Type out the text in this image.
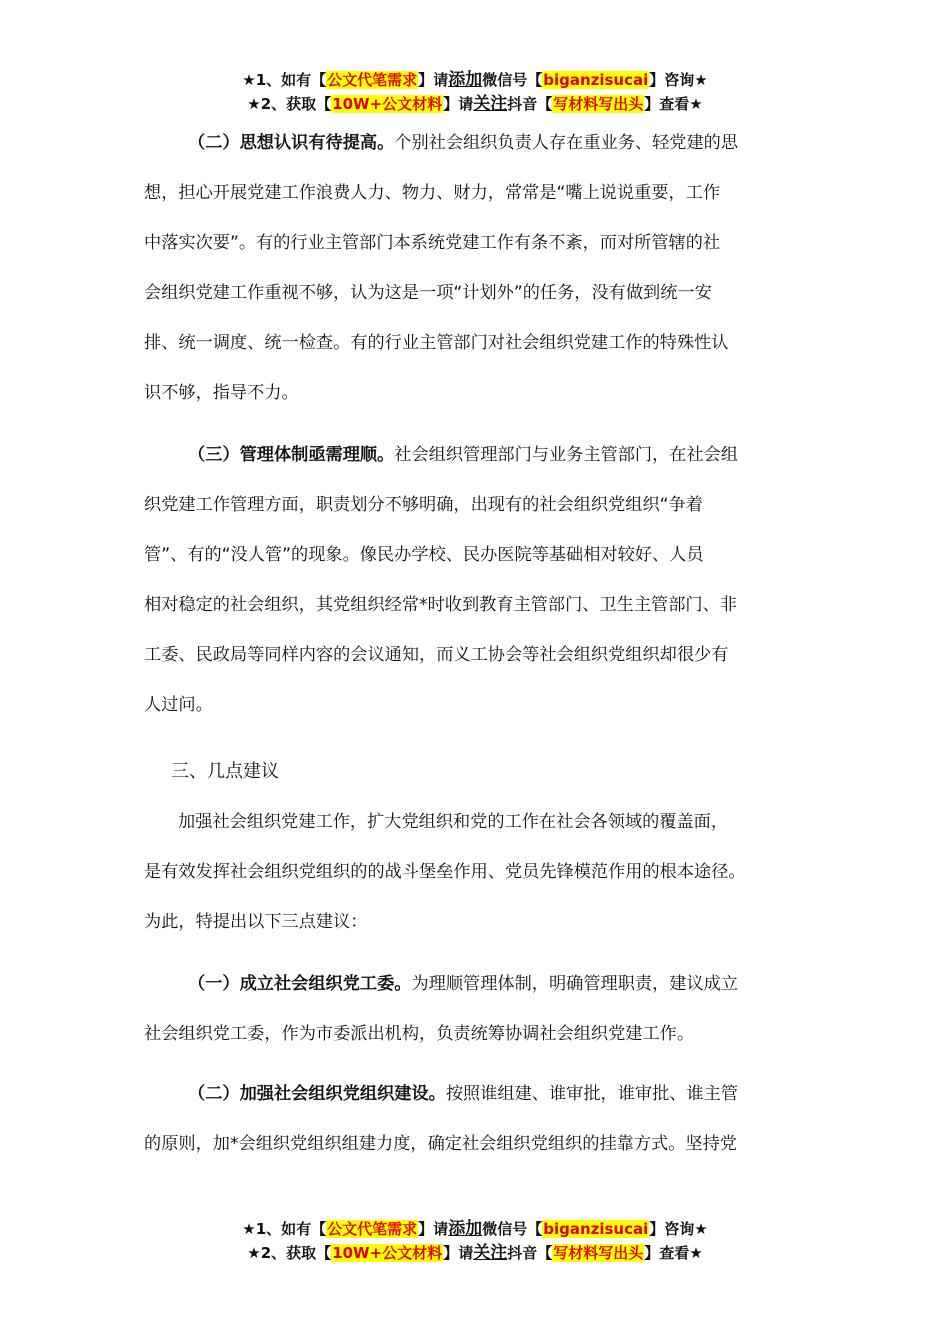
★1、如有【公文代笔需求】请添加微信号【biganzisucai】咨询★
★2、获取【10W+公文材料】请关注抖音【写材料写出头】查看★
（二）思想认识有待提高。个别社会组织负责人存在重业务、轻党建的思
想，担心开展党建工作浪费人力、物力、财力，常常是“嘴上说说重要，工作
中落实次要”。有的行业主管部门本系统党建工作有条不紊，而对所管辖的社
会组织党建工作重视不够，认为这是一项“计划外”的任务，没有做到统一安
排、统一调度、统一检查。有的行业主管部门对社会组织党建工作的特殊性认
识不够，指导不力。
（三）管理体制亟需理顺。社会组织管理部门与业务主管部门，在社会组
织党建工作管理方面，职责划分不够明确，出现有的社会组织党组织“争着
管”、有的“没人管”的现象。像民办学校、民办医院等基础相对较好、人员
相对稳定的社会组织，其党组织经常*时收到教育主管部门、卫生主管部门、非
工委、民政局等同样内容的会议通知，而义工协会等社会组织党组织却很少有
人过问。
三、几点建议
加强社会组织党建工作，扩大党组织和党的工作在社会各领域的覆盖面，
是有效发挥社会组织党组织的的战斗堡垒作用、党员先锋模范作用的根本途径。
为此，特提出以下三点建议：
（一）成立社会组织党工委。为理顺管理体制，明确管理职责，建议成立
社会组织党工委，作为市委派出机构，负责统筹协调社会组织党建工作。
（二）加强社会组织党组织建设。按照谁组建、谁审批，谁审批、谁主管
的原则，加*会组织党组织组建力度，确定社会组织党组织的挂靠方式。坚持党
★1、如有【公文代笔需求】请添加微信号【biganzisucai】咨询★
★2、获取【10W+公文材料】请关注抖音【写材料写出头】查看★
